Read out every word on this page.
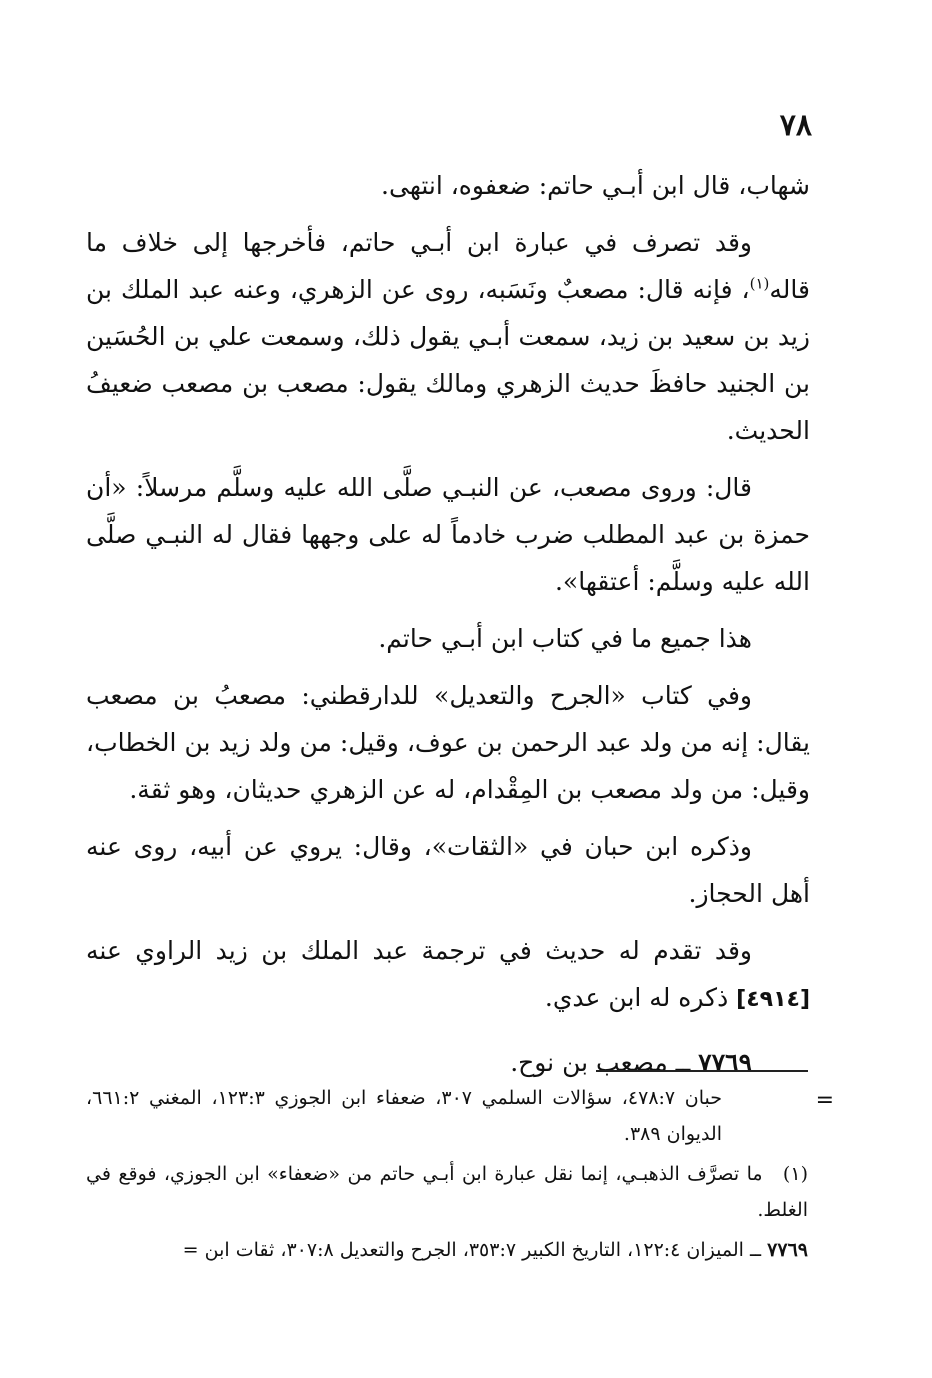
٧٨

شهاب، قال ابن أبـي حاتم: ضعفوه، انتهى.

وقد تصرف في عبارة ابن أبـي حاتم، فأخرجها إلى خلاف ما قاله$^{(١)}$، فإنه قال: مصعبٌ ونَسَبه، روى عن الزهري، وعنه عبد الملك بن زيد بن سعيد بن زيد، سمعت أبـي يقول ذلك، وسمعت علي بن الحُسَين بن الجنيد حافظَ حديث الزهري ومالك يقول: مصعب بن مصعب ضعيفُ الحديث.

قال: وروى مصعب، عن النبـي صلَّى الله عليه وسلَّم مرسلاً: «أن حمزة بن عبد المطلب ضرب خادماً له على وجهها فقال له النبـي صلَّى الله عليه وسلَّم: أعتقها».

هذا جميع ما في كتاب ابن أبـي حاتم.

وفي كتاب «الجرح والتعديل» للدارقطني: مصعبُ بن مصعب يقال: إنه من ولد عبد الرحمن بن عوف، وقيل: من ولد زيد بن الخطاب، وقيل: من ولد مصعب بن المِقْدام، له عن الزهري حديثان، وهو ثقة.

وذكره ابن حبان في «الثقات»، وقال: يروي عن أبيه، روى عنه أهل الحجاز.

وقد تقدم له حديث في ترجمة عبد الملك بن زيد الراوي عنه [٤٩١٤] ذكره له ابن عدي.

٧٧٦٩ ــ مصعب بن نوح.

=

حبان ٤٧٨:٧، سؤالات السلمي ٣٠٧، ضعفاء ابن الجوزي ١٢٣:٣، المغني ٦٦١:٢، الديوان ٣٨٩.

(١) ما تصرَّف الذهبـي، إنما نقل عبارة ابن أبـي حاتم من «ضعفاء» ابن الجوزي، فوقع في الغلط.

٧٧٦٩ ــ الميزان ١٢٢:٤، التاريخ الكبير ٣٥٣:٧، الجرح والتعديل ٣٠٧:٨، ثقات ابن =
